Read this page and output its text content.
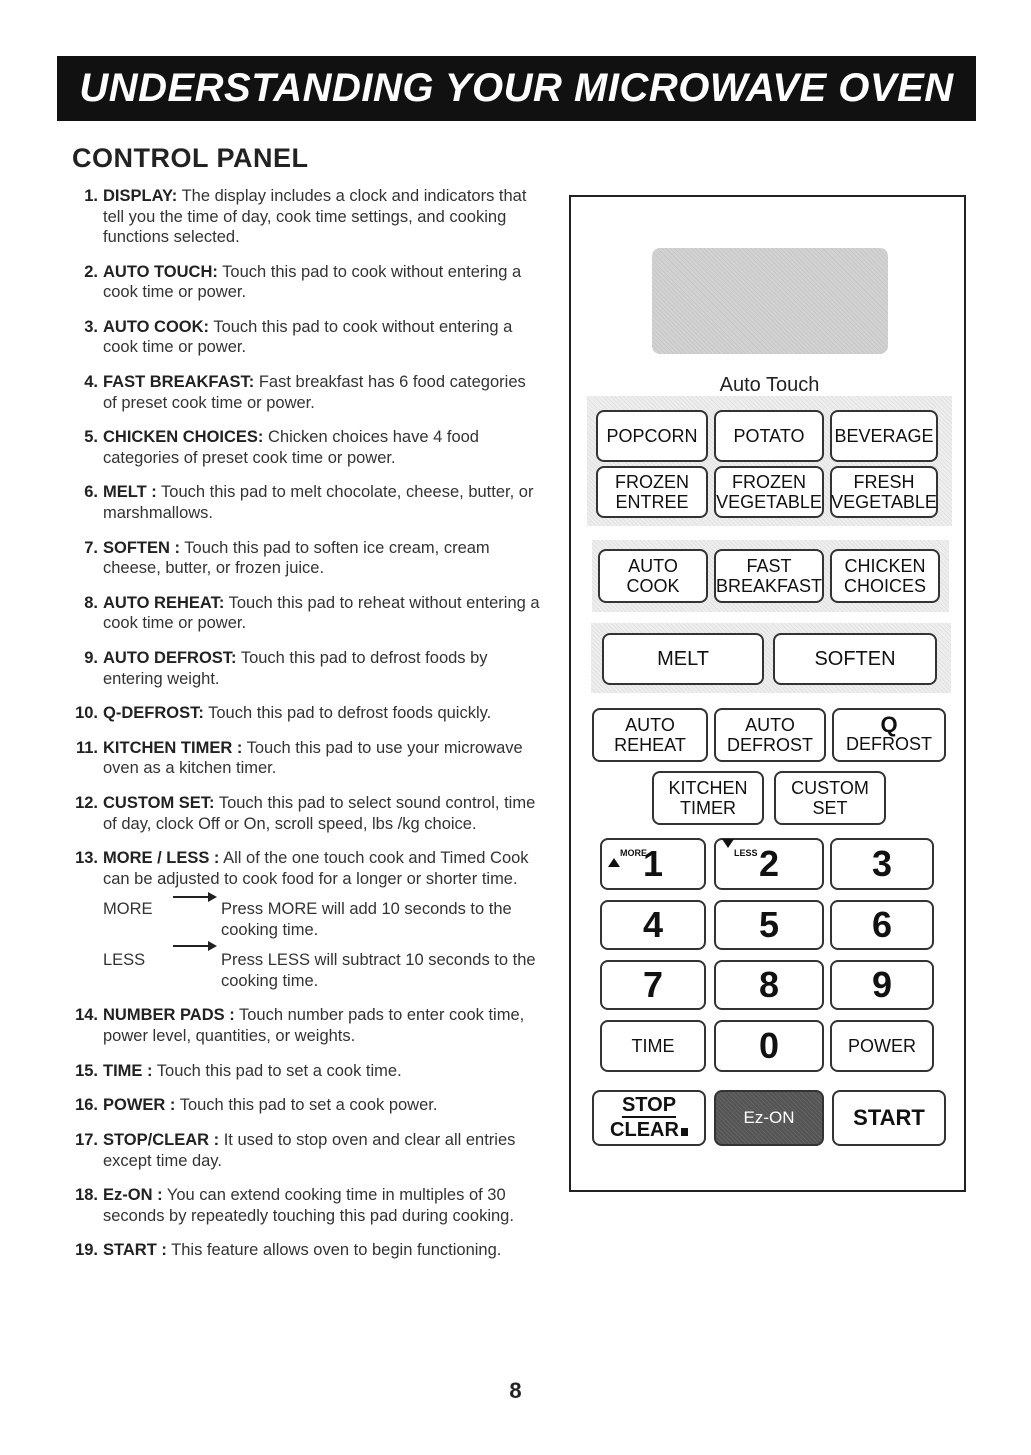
UNDERSTANDING YOUR MICROWAVE OVEN
CONTROL PANEL
1. DISPLAY: The display includes a clock and indicators that tell you the time of day, cook time settings, and cooking functions selected.
2. AUTO TOUCH: Touch this pad to cook without entering a cook time or power.
3. AUTO COOK: Touch this pad to cook without entering a cook time or power.
4. FAST BREAKFAST: Fast breakfast has 6 food categories of preset cook time or power.
5. CHICKEN CHOICES: Chicken choices have 4 food categories of preset cook time or power.
6. MELT : Touch this pad to melt chocolate, cheese, butter, or marshmallows.
7. SOFTEN : Touch this pad to soften ice cream, cream cheese, butter, or frozen juice.
8. AUTO REHEAT: Touch this pad to reheat without entering a cook time or power.
9. AUTO DEFROST: Touch this pad to defrost foods by entering weight.
10. Q-DEFROST: Touch this pad to defrost foods quickly.
11. KITCHEN TIMER : Touch this pad to use your microwave oven as a kitchen timer.
12. CUSTOM SET: Touch this pad to select sound control, time of day, clock Off or On, scroll speed, lbs /kg choice.
13. MORE / LESS : All of the one touch cook and Timed Cook can be adjusted to cook food for a longer or shorter time.
MORE	Press MORE will add 10 seconds to the cooking time.
LESS	Press LESS will subtract 10 seconds to the cooking time.
14. NUMBER PADS : Touch number pads to enter cook time, power level, quantities, or weights.
15. TIME : Touch this pad to set a cook time.
16. POWER : Touch this pad to set a cook power.
17. STOP/CLEAR : It used to stop oven and clear all entries except time day.
18. Ez-ON : You can extend cooking time in multiples of 30 seconds by repeatedly touching this pad during cooking.
19. START : This feature allows oven to begin functioning.
8
Auto Touch
POPCORN	POTATO	BEVERAGE
FROZEN
ENTREE
FROZEN
VEGETABLE
FRESH
VEGETABLE
AUTO
COOK
FAST
BREAKFAST
CHICKEN
CHOICES
MELT	SOFTEN
AUTO
REHEAT
AUTO
DEFROST
Q
DEFROST
KITCHEN
TIMER
CUSTOM
SET
MORE
1	LESS 2	3
4	5	6
7	8	9
TIME	0	POWER
STOP
CLEAR
Ez-ON	START
